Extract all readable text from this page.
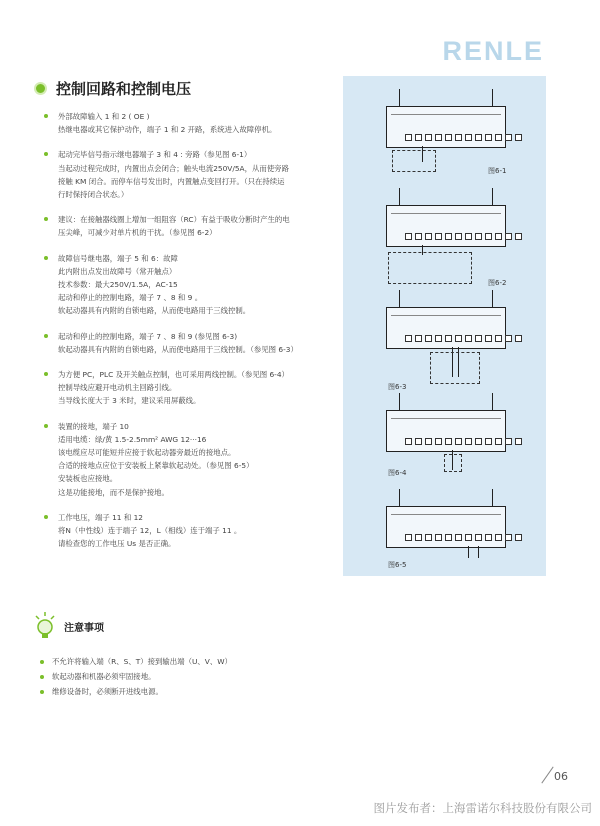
RENLE
控制回路和控制电压
外部故障输入 1 和 2 ( OE )
热继电器或其它保护动作，端子 1 和 2 开路，系统进入故障停机。
起动完毕信号指示继电器端子 3 和 4 : 旁路（参见图 6-1）
当起动过程完成时，内置出点会闭合；触头电流250V/5A，从而使旁路
接触 KM 闭合。而停车信号发出时，内置触点变回打开。（只在持续运
行时保持闭合状态。）
建议：在接触器线圈上增加一组阻容（RC）有益于吸收分断时产生的电
压尖峰，可减少对单片机的干扰。（参见图 6-2）
故障信号继电器，端子 5 和 6：故障
此内附出点发出故障号（常开触点）
技术参数：最大250V/1.5A，AC-15
起动和停止的控制电路，端子 7 、8 和 9 。
软起动器具有内附的自锁电路，从而使电路用于三线控制。
起动和停止的控制电路，端子 7 、8 和 9 (参见图 6-3)
软起动器具有内附的自锁电路，从而使电路用于三线控制。（参见图 6-3）
为方便 PC，PLC 及开关触点控制，也可采用两线控制。（参见图 6-4）
控制导线应避开电动机主回路引线。
当导线长度大于 3 米时，建议采用屏蔽线。
装置的接地，端子 10
适用电缆：绿/黄 1.5-2.5mm² AWG 12···16
该电缆应尽可能短并应接于软起动器旁最近的接地点。
合适的接地点应位于安装板上紧靠软起动处。（参见图 6-5）
安装板也应接地。
这是功能接地，而不是保护接地。
工作电压，端子 11 和 12
将N（中性线）连于端子 12，L（相线）连于端子 11 。
请检查您的工作电压 Us 是否正确。
图6-1
图6-2
图6-3
图6-4
图6-5
注意事项
不允许将输入端（R、S、T）接到输出端（U、V、W）
软起动器和机器必须牢固接地。
维修设备时，必须断开进线电源。
06
图片发布者：上海雷诺尔科技股份有限公司
